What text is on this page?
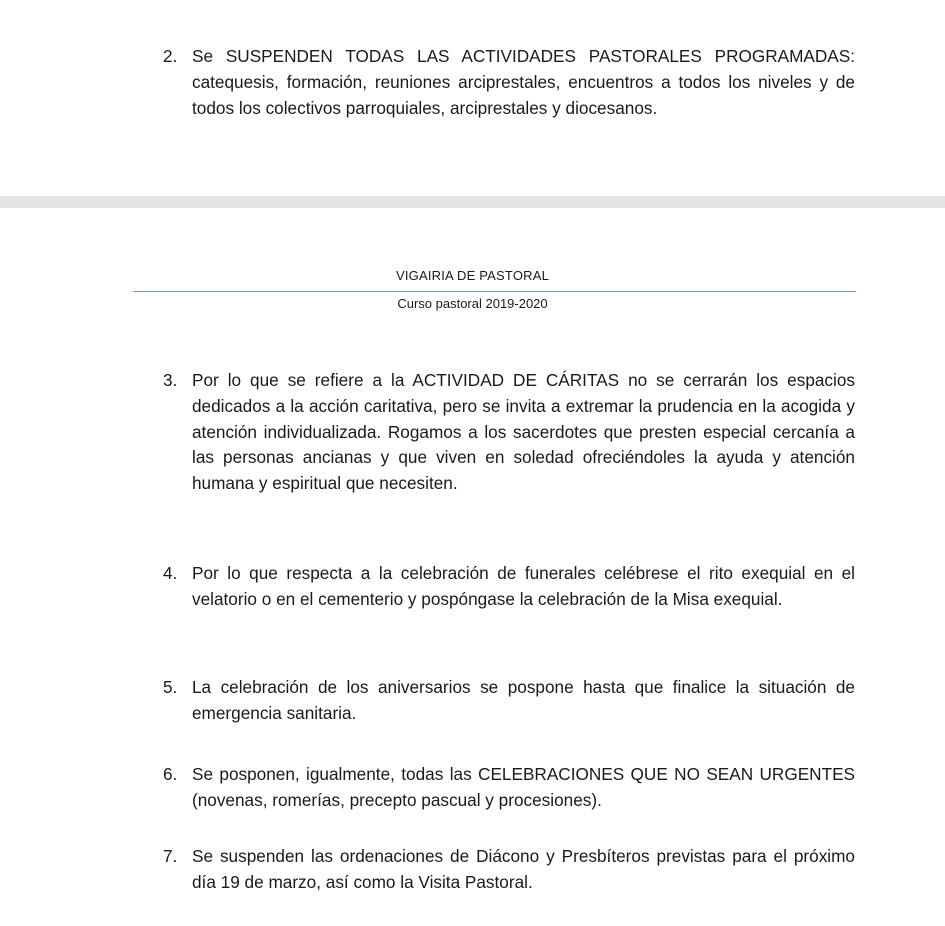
2. Se SUSPENDEN TODAS LAS ACTIVIDADES PASTORALES PROGRAMADAS: catequesis, formación, reuniones arciprestales, encuentros a todos los niveles y de todos los colectivos parroquiales, arciprestales y diocesanos.
VIGAIRIA DE PASTORAL
Curso pastoral 2019-2020
3. Por lo que se refiere a la ACTIVIDAD DE CÁRITAS no se cerrarán los espacios dedicados a la acción caritativa, pero se invita a extremar la prudencia en la acogida y atención individualizada. Rogamos a los sacerdotes que presten especial cercanía a las personas ancianas y que viven en soledad ofreciéndoles la ayuda y atención humana y espiritual que necesiten.
4. Por lo que respecta a la celebración de funerales celébrese el rito exequial en el velatorio o en el cementerio y pospóngase la celebración de la Misa exequial.
5. La celebración de los aniversarios se pospone hasta que finalice la situación de emergencia sanitaria.
6. Se posponen, igualmente, todas las CELEBRACIONES QUE NO SEAN URGENTES (novenas, romerías, precepto pascual y procesiones).
7. Se suspenden las ordenaciones de Diácono y Presbíteros previstas para el próximo día 19 de marzo, así como la Visita Pastoral.
